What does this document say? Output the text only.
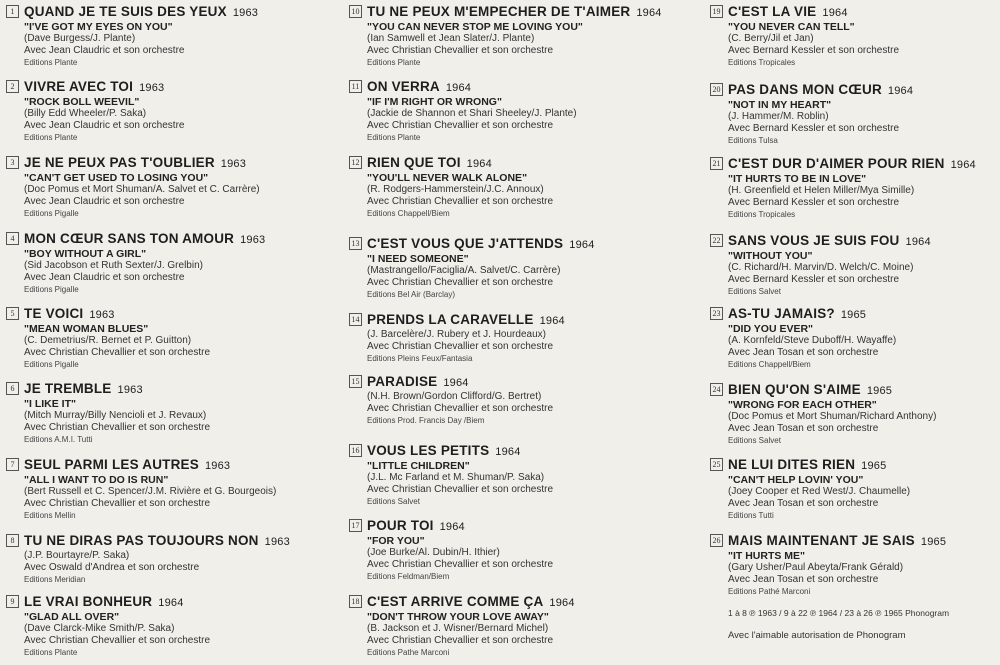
1 QUAND JE TE SUIS DES YEUX 1963
"I'VE GOT MY EYES ON YOU"
(Dave Burgess/J. Plante)
Avec Jean Claudric et son orchestre
Editions Plante
2 VIVRE AVEC TOI 1963
"ROCK BOLL WEEVIL"
(Billy Edd Wheeler/P. Saka)
Avec Jean Claudric et son orchestre
Editions Plante
3 JE NE PEUX PAS T'OUBLIER 1963
"CAN'T GET USED TO LOSING YOU"
(Doc Pomus et Mort Shuman/A. Salvet et C. Carrère)
Avec Jean Claudric et son orchestre
Editions Pigalle
4 MON CŒUR SANS TON AMOUR 1963
"BOY WITHOUT A GIRL"
(Sid Jacobson et Ruth Sexter/J. Grelbin)
Avec Jean Claudric et son orchestre
Editions Pigalle
5 TE VOICI 1963
"MEAN WOMAN BLUES"
(C. Demetrius/R. Bernet et P. Guitton)
Avec Christian Chevallier et son orchestre
Editions Pigalle
6 JE TREMBLE 1963
"I LIKE IT"
(Mitch Murray/Billy Nencioli et J. Revaux)
Avec Christian Chevallier et son orchestre
Editions A.M.I. Tutti
7 SEUL PARMI LES AUTRES 1963
"ALL I WANT TO DO IS RUN"
(Bert Russell et C. Spencer/J.M. Rivière et G. Bourgeois)
Avec Christian Chevallier et son orchestre
Editions Mellin
8 TU NE DIRAS PAS TOUJOURS NON 1963
(J.P. Bourtayre/P. Saka)
Avec Oswald d'Andrea et son orchestre
Editions Meridian
9 LE VRAI BONHEUR 1964
"GLAD ALL OVER"
(Dave Clarck-Mike Smith/P. Saka)
Avec Christian Chevallier et son orchestre
Editions Plante
10 TU NE PEUX M'EMPECHER DE T'AIMER 1964
"YOU CAN NEVER STOP ME LOVING YOU"
(Ian Samwell et Jean Slater/J. Plante)
Avec Christian Chevallier et son orchestre
Editions Plante
11 ON VERRA 1964
"IF I'M RIGHT OR WRONG"
(Jackie de Shannon et Shari Sheeley/J. Plante)
Avec Christian Chevallier et son orchestre
Editions Plante
12 RIEN QUE TOI 1964
"YOU'LL NEVER WALK ALONE"
(R. Rodgers-Hammerstein/J.C. Annoux)
Avec Christian Chevallier et son orchestre
Editions Chappell/Biem
13 C'EST VOUS QUE J'ATTENDS 1964
"I NEED SOMEONE"
(Mastrangello/Faciglia/A. Salvet/C. Carrère)
Avec Christian Chevallier et son orchestre
Editions Bel Air (Barclay)
14 PRENDS LA CARAVELLE 1964
(J. Barcelère/J. Rubery et J. Hourdeaux)
Avec Christian Chevallier et son orchestre
Editions Pleins Feux/Fantasia
15 PARADISE 1964
(N.H. Brown/Gordon Clifford/G. Bertret)
Avec Christian Chevallier et son orchestre
Editions Prod. Francis Day /Biem
16 VOUS LES PETITS 1964
"LITTLE CHILDREN"
(J.L. Mc Farland et M. Shuman/P. Saka)
Avec Christian Chevallier et son orchestre
Editions Salvet
17 POUR TOI 1964
"FOR YOU"
(Joe Burke/Al. Dubin/H. Ithier)
Avec Christian Chevallier et son orchestre
Editions Feldman/Biem
18 C'EST ARRIVE COMME ÇA 1964
"DON'T THROW YOUR LOVE AWAY"
(B. Jackson et J. Wisner/Bernard Michel)
Avec Christian Chevallier et son orchestre
Editions Pathe Marconi
1 à 8 ℗ 1963 / 9 à 22 ℗ 1964 / 23 à 26 ℗ 1965 Phonogram
Avec l'aimable autorisation de Phonogram
19 C'EST LA VIE 1964
"YOU NEVER CAN TELL"
(C. Berry/Jil et Jan)
Avec Bernard Kessler et son orchestre
Editions Tropicales
20 PAS DANS MON CŒUR 1964
"NOT IN MY HEART"
(J. Hammer/M. Roblin)
Avec Bernard Kessler et son orchestre
Editions Tulsa
21 C'EST DUR D'AIMER POUR RIEN 1964
"IT HURTS TO BE IN LOVE"
(H. Greenfield et Helen Miller/Mya Simille)
Avec Bernard Kessler et son orchestre
Editions Tropicales
22 SANS VOUS JE SUIS FOU 1964
"WITHOUT YOU"
(C. Richard/H. Marvin/D. Welch/C. Moine)
Avec Bernard Kessler et son orchestre
Editions Salvet
23 AS-TU JAMAIS? 1965
"DID YOU EVER"
(A. Kornfeld/Steve Duboff/H. Wayaffe)
Avec Jean Tosan et son orchestre
Editions Chappell/Biem
24 BIEN QU'ON S'AIME 1965
"WRONG FOR EACH OTHER"
(Doc Pomus et Mort Shuman/Richard Anthony)
Avec Jean Tosan et son orchestre
Editions Salvet
25 NE LUI DITES RIEN 1965
"CAN'T HELP LOVIN' YOU"
(Joey Cooper et Red West/J. Chaumelle)
Avec Jean Tosan et son orchestre
Editions Tutti
26 MAIS MAINTENANT JE SAIS 1965
"IT HURTS ME"
(Gary Usher/Paul Abeyta/Frank Gérald)
Avec Jean Tosan et son orchestre
Editions Pathé Marconi
